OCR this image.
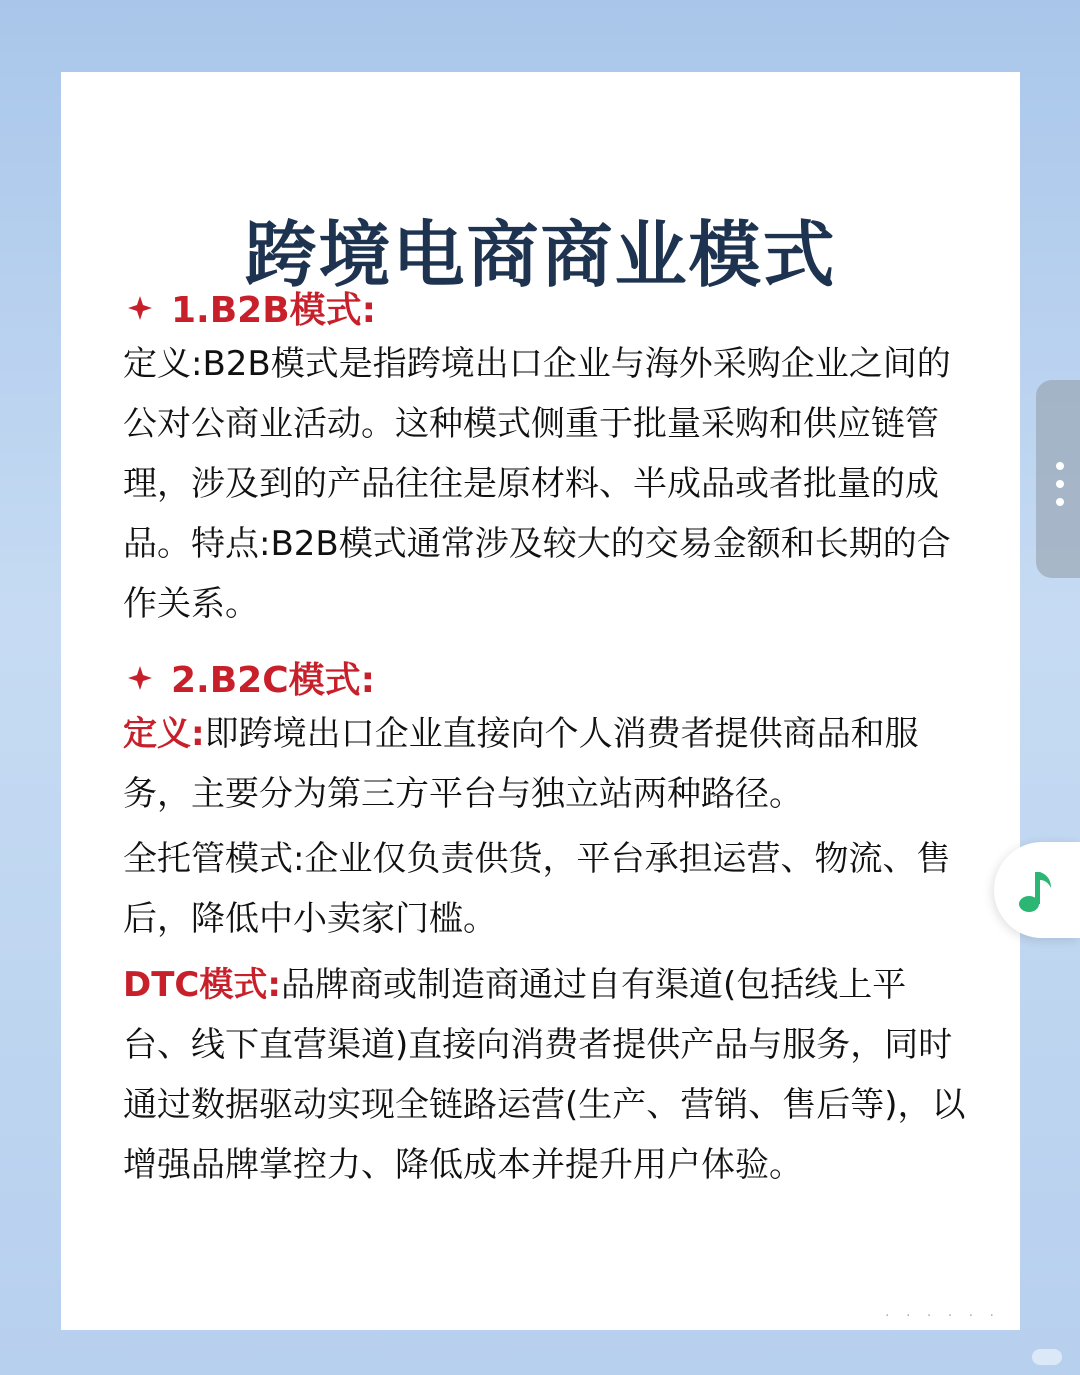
跨境电商商业模式
1.B2B模式:

定义:B2B模式是指跨境出口企业与海外采购企业之间的公对公商业活动。这种模式侧重于批量采购和供应链管理，涉及到的产品往往是原材料、半成品或者批量的成品。特点:B2B模式通常涉及较大的交易金额和长期的合作关系。

2.B2C模式:

定义:即跨境出口企业直接向个人消费者提供商品和服务，主要分为第三方平台与独立站两种路径。

全托管模式:企业仅负责供货，平台承担运营、物流、售后，降低中小卖家门槛。

DTC模式:品牌商或制造商通过自有渠道(包括线上平台、线下直营渠道)直接向消费者提供产品与服务，同时通过数据驱动实现全链路运营(生产、营销、售后等)，以增强品牌掌控力、降低成本并提升用户体验。

· · · · · ·
